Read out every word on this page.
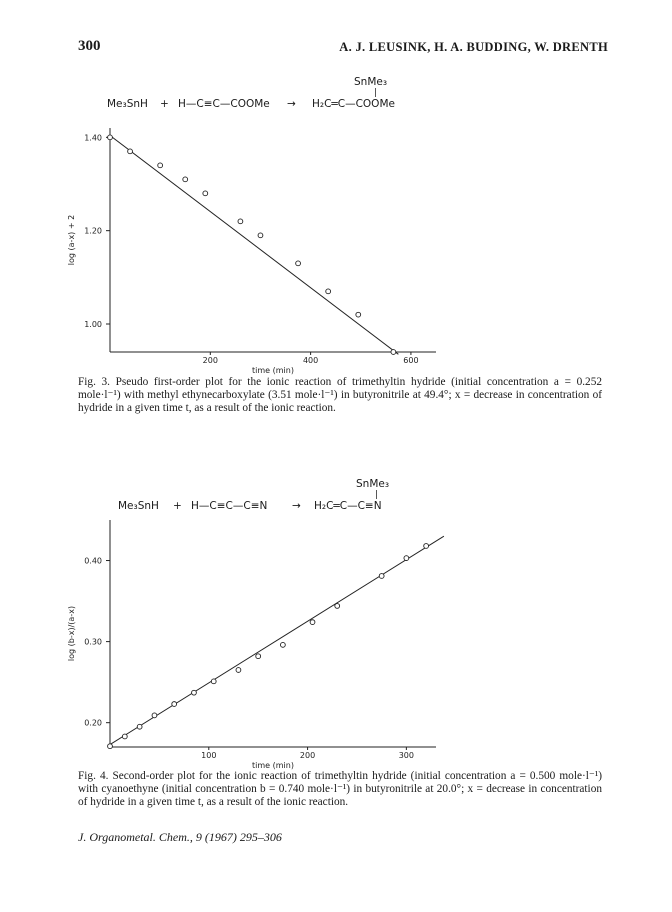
300	A. J. LEUSINK, H. A. BUDDING, W. DRENTH
SnMe₃
|
Me₃SnH + H—C≡C—COOMe → H₂C═C—COOMe
1.00
1.20
1.40
200	400	600
time (min)
log (a-x) + 2
0.20
0.30
0.40
100	200	300
time (min)
log (b-x)/(a-x)
Fig. 3. Pseudo first-order plot for the ionic reaction of trimethyltin hydride (initial concentration a = 0.252 mole·l⁻¹) with methyl ethynecarboxylate (3.51 mole·l⁻¹) in butyronitrile at 49.4°; x = decrease in concentration of hydride in a given time t, as a result of the ionic reaction.
SnMe₃
|
Me₃SnH + H—C≡C—C≡N → H₂C═C—C≡N
Fig. 4. Second-order plot for the ionic reaction of trimethyltin hydride (initial concentration a = 0.500 mole·l⁻¹) with cyanoethyne (initial concentration b = 0.740 mole·l⁻¹) in butyronitrile at 20.0°; x = decrease in concentration of hydride in a given time t, as a result of the ionic reaction.
J. Organometal. Chem., 9 (1967) 295–306
